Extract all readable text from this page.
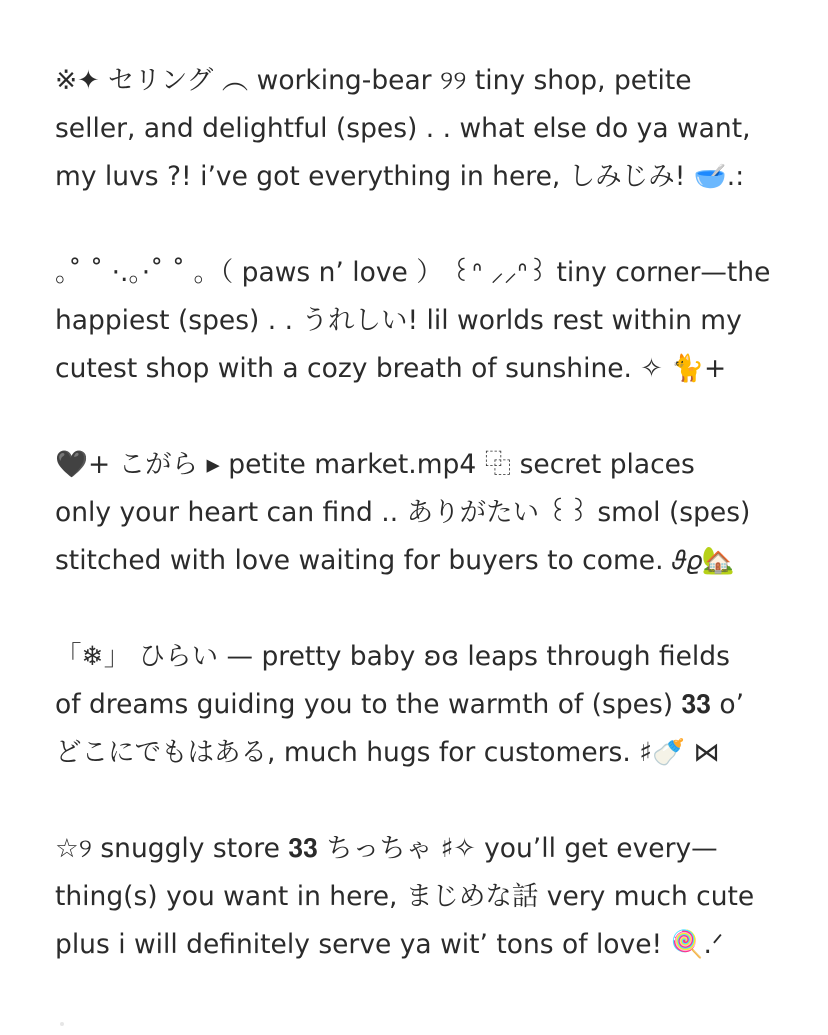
※✦ セリング ︵ working-bear ୨୨ tiny shop, petite
seller, and delightful (spes) . . what else do ya want,
my luvs ?! i’ve got everything in here, しみじみ! 🥣.:
｡˚ ˚ ·.｡·˚ ˚ ｡（ paws n’ love ） ꒰ᐢ ⸝⸝ᐢ꒱ tiny corner—the
happiest (spes) . . うれしい! lil worlds rest within my
cutest shop with a cozy breath of sunshine. ✧ 🐈+
🖤+ こがら ▸ petite market.mp4 ⿻ secret places
only your heart can find .. ありがたい ꒰꒱ smol (spes)
stitched with love waiting for buyers to come. 𝜗𝜚🏡
「❄」 ひらい — pretty baby ʚɞ leaps through fields
of dreams guiding you to the warmth of (spes) 𝟑𝟑 o’
どこにでもはある, much hugs for customers. ♯🍼 ⋈
☆୨ snuggly store 𝟑𝟑 ちっちゃ ♯✧ you’ll get every—
thing(s) you want in here, まじめな話 very much cute
plus i will definitely serve ya wit’ tons of love! 🍭.ᐟ
